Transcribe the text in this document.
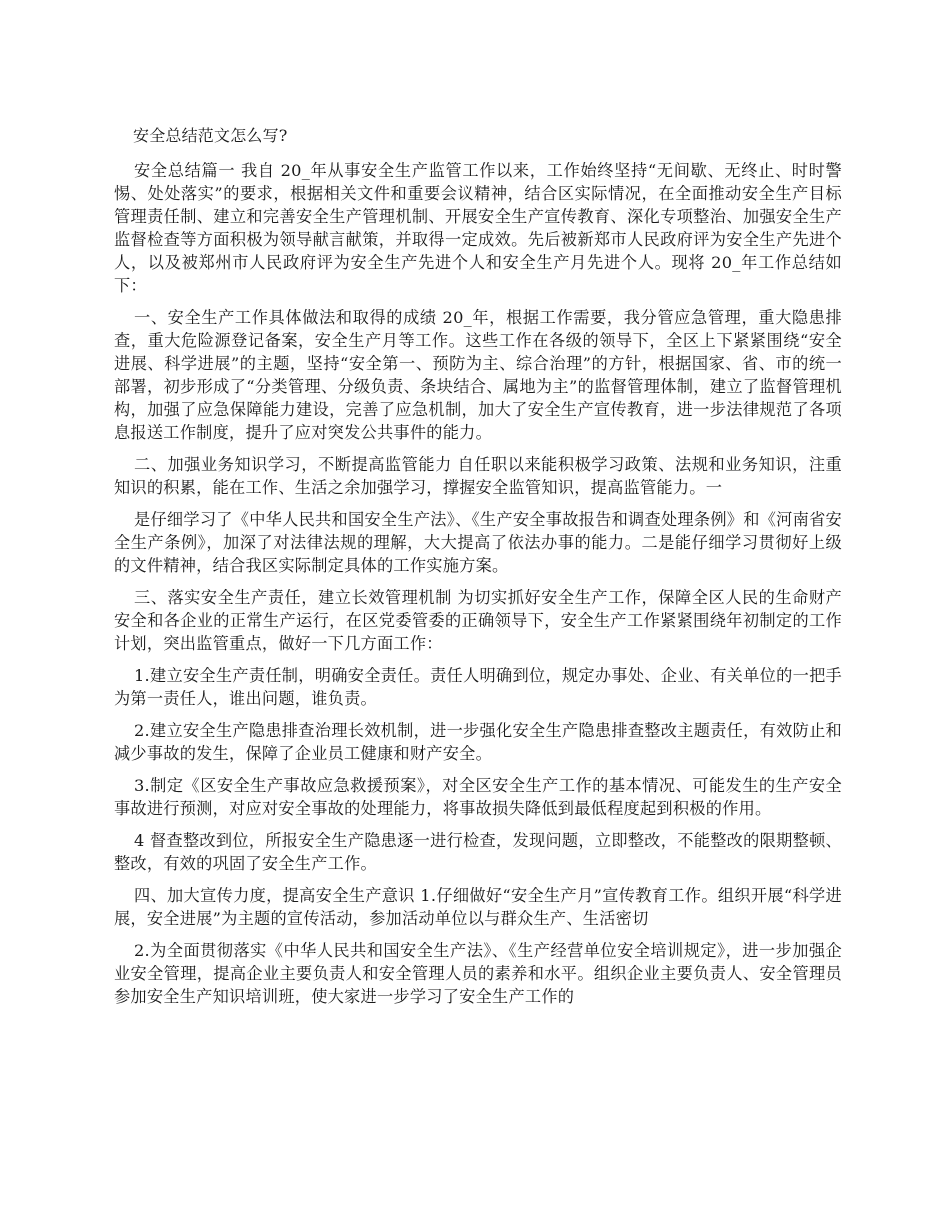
安全总结范文怎么写?

安全总结篇一 我自 20_年从事安全生产监管工作以来，工作始终坚持“无间歇、无终止、时时警惕、处处落实”的要求，根据相关文件和重要会议精神，结合区实际情况，在全面推动安全生产目标管理责任制、建立和完善安全生产管理机制、开展安全生产宣传教育、深化专项整治、加强安全生产监督检查等方面积极为领导献言献策，并取得一定成效。先后被新郑市人民政府评为安全生产先进个人，以及被郑州市人民政府评为安全生产先进个人和安全生产月先进个人。现将 20_年工作总结如下：

一、安全生产工作具体做法和取得的成绩 20_年，根据工作需要，我分管应急管理，重大隐患排查，重大危险源登记备案，安全生产月等工作。这些工作在各级的领导下，全区上下紧紧围绕“安全进展、科学进展”的主题，坚持“安全第一、预防为主、综合治理”的方针，根据国家、省、市的统一部署，初步形成了“分类管理、分级负责、条块结合、属地为主”的监督管理体制，建立了监督管理机构，加强了应急保障能力建设，完善了应急机制，加大了安全生产宣传教育，进一步法律规范了各项息报送工作制度，提升了应对突发公共事件的能力。

二、加强业务知识学习，不断提高监管能力 自任职以来能积极学习政策、法规和业务知识，注重知识的积累，能在工作、生活之余加强学习，撑握安全监管知识，提高监管能力。一

是仔细学习了《中华人民共和国安全生产法》、《生产安全事故报告和调查处理条例》和《河南省安全生产条例》，加深了对法律法规的理解，大大提高了依法办事的能力。二是能仔细学习贯彻好上级的文件精神，结合我区实际制定具体的工作实施方案。

三、落实安全生产责任，建立长效管理机制 为切实抓好安全生产工作，保障全区人民的生命财产安全和各企业的正常生产运行，在区党委管委的正确领导下，安全生产工作紧紧围绕年初制定的工作计划，突出监管重点，做好一下几方面工作：

1.建立安全生产责任制，明确安全责任。责任人明确到位，规定办事处、企业、有关单位的一把手为第一责任人，谁出问题，谁负责。

2.建立安全生产隐患排查治理长效机制，进一步强化安全生产隐患排查整改主题责任，有效防止和减少事故的发生，保障了企业员工健康和财产安全。

3.制定《区安全生产事故应急救援预案》，对全区安全生产工作的基本情况、可能发生的生产安全事故进行预测，对应对安全事故的处理能力，将事故损失降低到最低程度起到积极的作用。

4 督查整改到位，所报安全生产隐患逐一进行检查，发现问题，立即整改，不能整改的限期整顿、整改，有效的巩固了安全生产工作。

四、加大宣传力度，提高安全生产意识 1.仔细做好“安全生产月”宣传教育工作。组织开展“科学进展，安全进展”为主题的宣传活动，参加活动单位以与群众生产、生活密切

2.为全面贯彻落实《中华人民共和国安全生产法》、《生产经营单位安全培训规定》，进一步加强企业安全管理，提高企业主要负责人和安全管理人员的素养和水平。组织企业主要负责人、安全管理员参加安全生产知识培训班，使大家进一步学习了安全生产工作的
